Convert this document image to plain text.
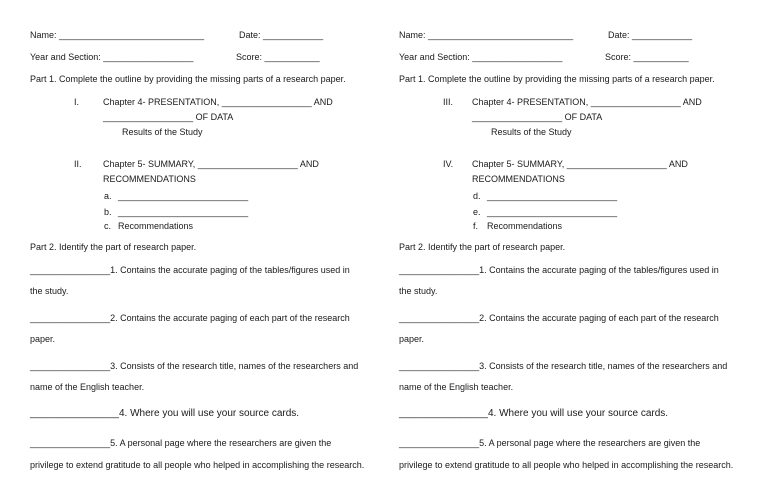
Name: _____________________________	Date: ____________
Year and Section: __________________	Score: ___________
Part 1. Complete the outline by providing the missing parts of a research paper.
I.	Chapter 4- PRESENTATION, __________________ AND
__________________ OF DATA
Results of the Study
II. Chapter 5- SUMMARY, ____________________ AND
RECOMMENDATIONS
a. __________________________
b. __________________________
c. Recommendations
Part 2. Identify the part of research paper.
________________1. Contains the accurate paging of the tables/figures used in
the study.
________________2. Contains the accurate paging of each part of the research
paper.
________________3. Consists of the research title, names of the researchers and
name of the English teacher.
________________4. Where you will use your source cards.
________________5. A personal page where the researchers are given the
privilege to extend gratitude to all people who helped in accomplishing the research.
Name: _____________________________	Date: ____________
Year and Section: __________________	Score: ___________
Part 1. Complete the outline by providing the missing parts of a research paper.
III. Chapter 4- PRESENTATION, __________________ AND
__________________ OF DATA
Results of the Study
IV. Chapter 5- SUMMARY, ____________________ AND
RECOMMENDATIONS
d. __________________________
e. __________________________
f. Recommendations
Part 2. Identify the part of research paper.
________________1. Contains the accurate paging of the tables/figures used in
the study.
________________2. Contains the accurate paging of each part of the research
paper.
________________3. Consists of the research title, names of the researchers and
name of the English teacher.
________________4. Where you will use your source cards.
________________5. A personal page where the researchers are given the
privilege to extend gratitude to all people who helped in accomplishing the research.
